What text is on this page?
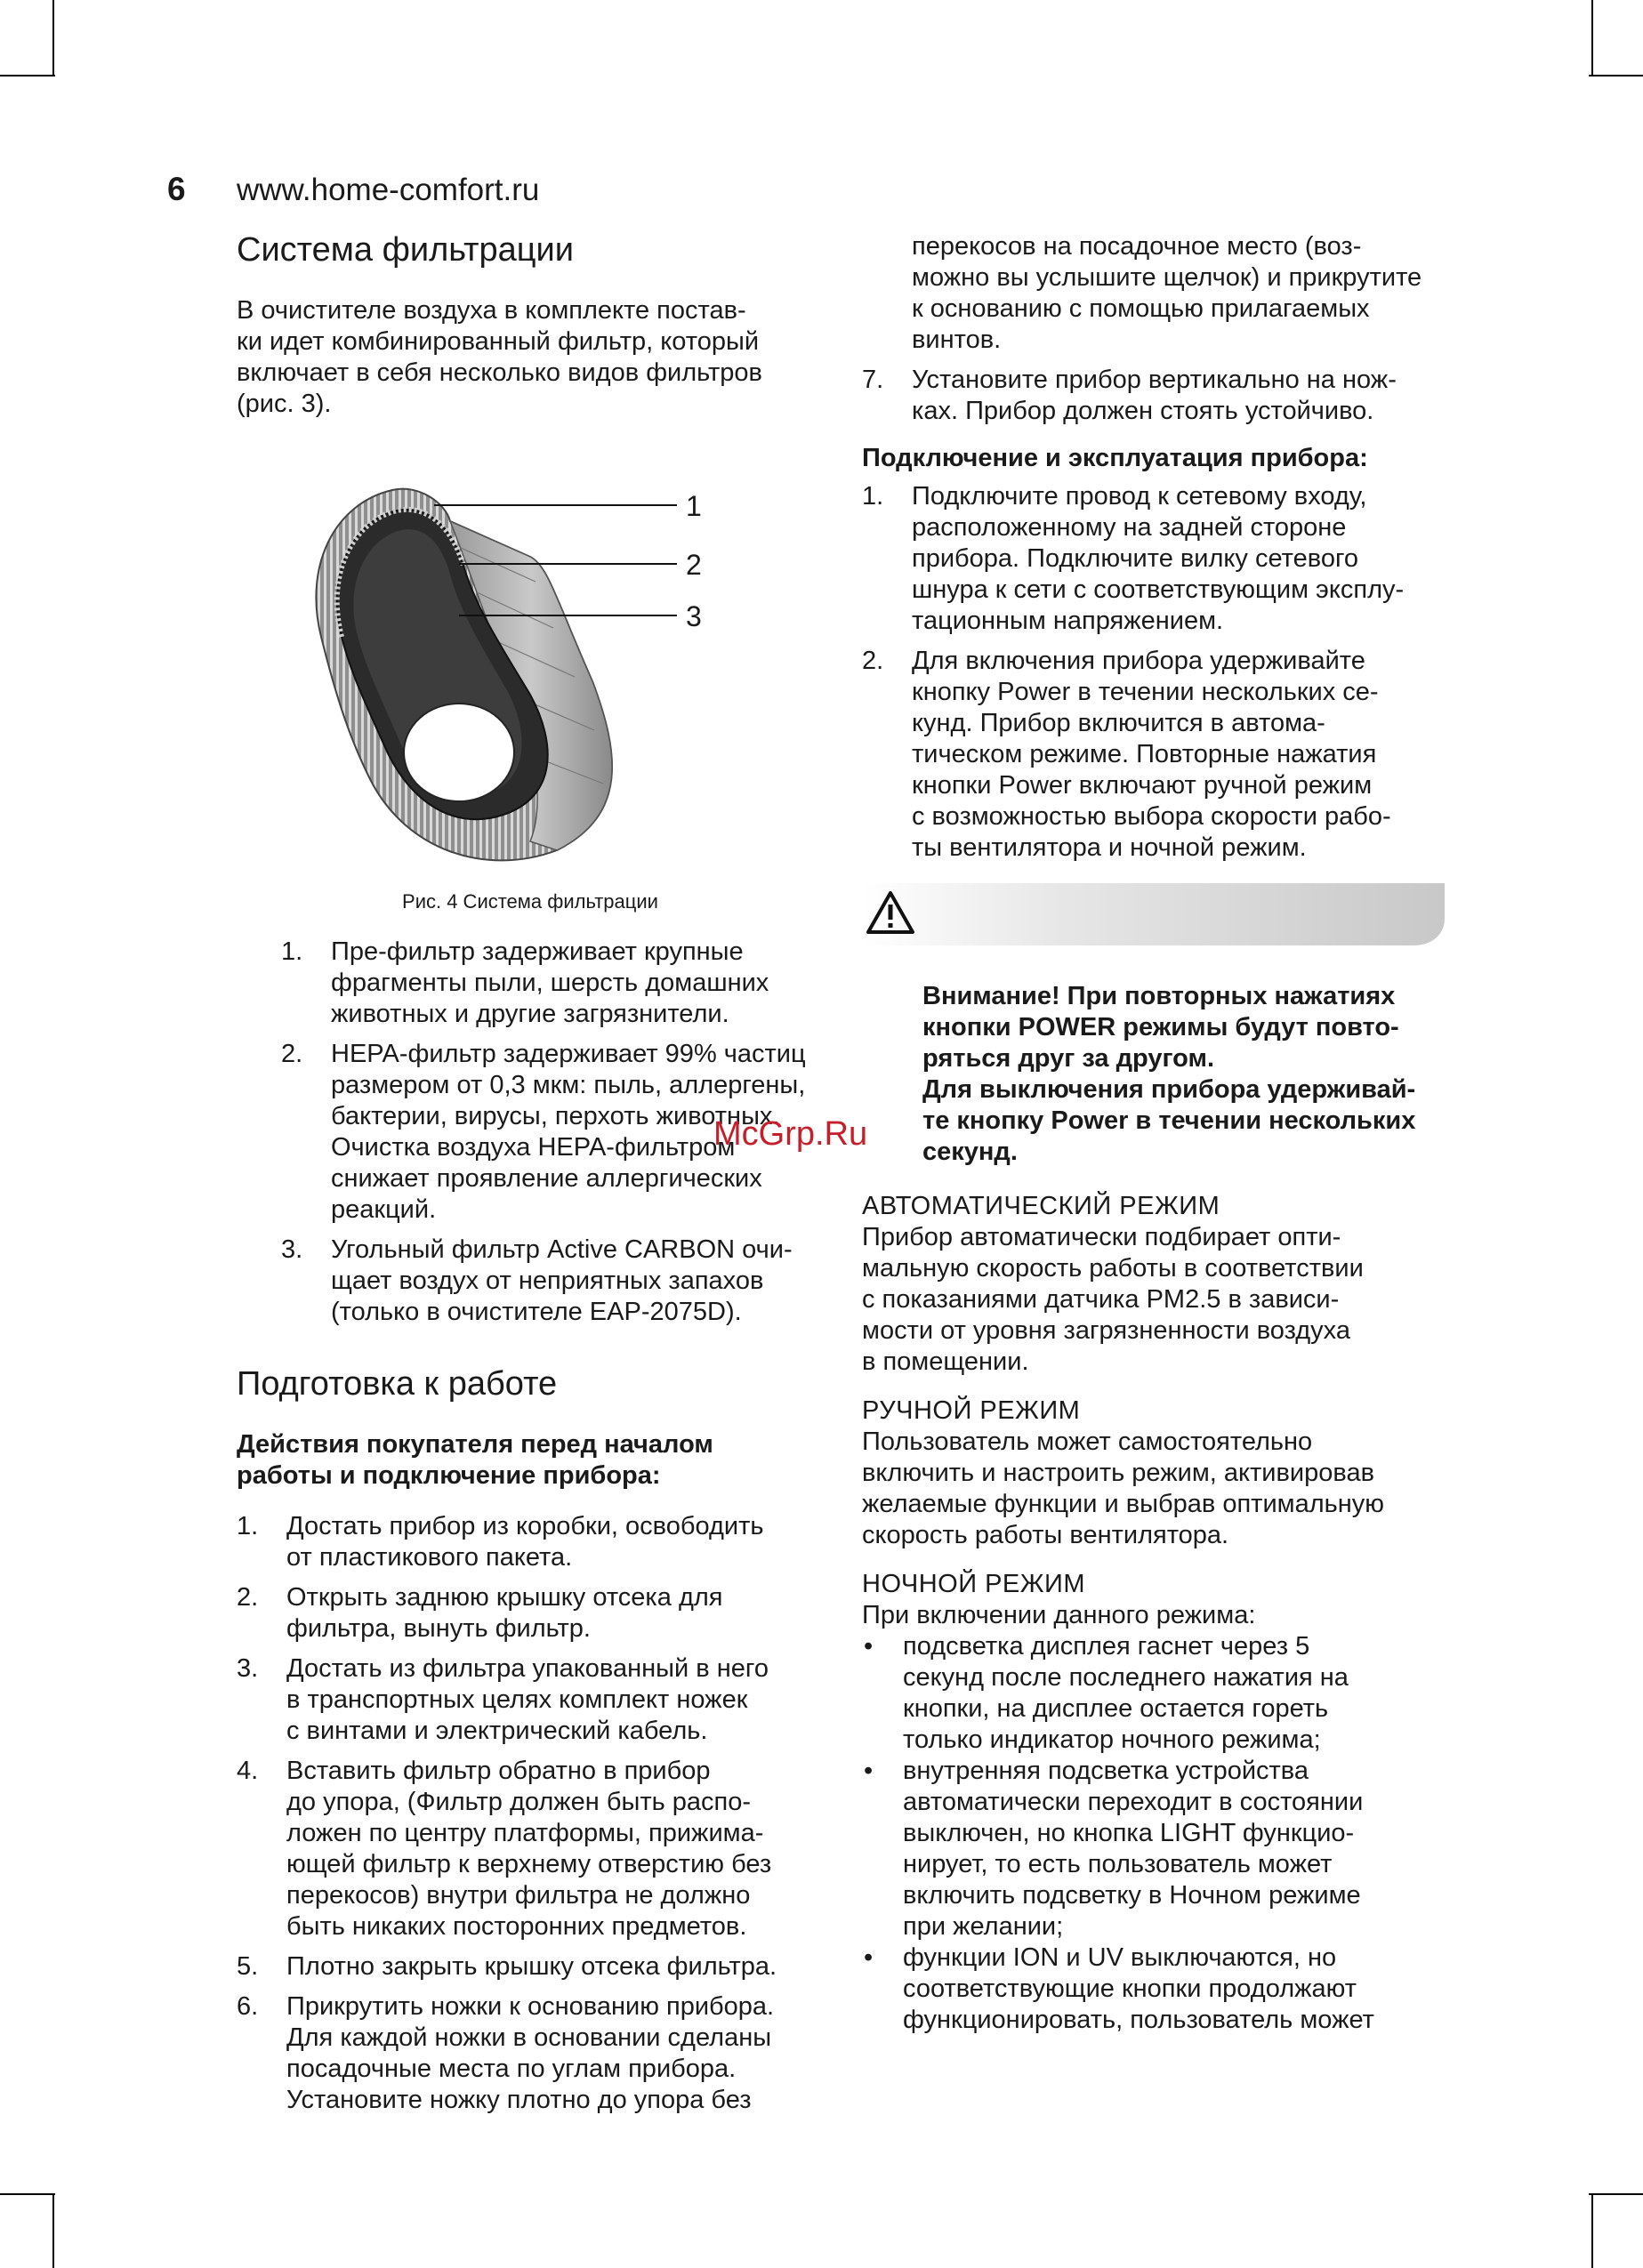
6 www.home-comfort.ru
Система фильтрации

В очистителе воздуха в комплекте постав-
ки идет комбинированный фильтр, который
включает в себя несколько видов фильтров
(рис. 3).

1
2
3
Рис. 4 Система фильтрации
1. Пре-фильтр задерживает крупные
фрагменты пыли, шерсть домашних
животных и другие загрязнители.
2. HEPA-фильтр задерживает 99% частиц
размером от 0,3 мкм: пыль, аллергены,
бактерии, вирусы, перхоть животных.
Очистка воздуха HEPA-фильтром
снижает проявление аллергических
реакций.
3. Угольный фильтр Active CARBON очи-
щает воздух от неприятных запахов
(только в очистителе EAP-2075D).
Подготовка к работе

Действия покупателя перед началом
работы и подключение прибора:

1. Достать прибор из коробки, освободить
от пластикового пакета.
2. Открыть заднюю крышку отсека для
фильтра, вынуть фильтр.
3. Достать из фильтра упакованный в него
в транспортных целях комплект ножек
с винтами и электрический кабель.
4. Вставить фильтр обратно в прибор
до упора, (Фильтр должен быть распо-
ложен по центру платформы, прижима-
ющей фильтр к верхнему отверстию без
перекосов) внутри фильтра не должно
быть никаких посторонних предметов.
5. Плотно закрыть крышку отсека фильтра.
6. Прикрутить ножки к основанию прибора.
Для каждой ножки в основании сделаны
посадочные места по углам прибора.
Установите ножку плотно до упора без

перекосов на посадочное место (воз-
можно вы услышите щелчок) и прикрутите
к основанию с помощью прилагаемых
винтов.

7. Установите прибор вертикально на нож-
ках. Прибор должен стоять устойчиво.

Подключение и эксплуатация прибора:

1. Подключите провод к сетевому входу,
расположенному на задней стороне
прибора. Подключите вилку сетевого
шнура к сети с соответствующим эксплу-
тационным напряжением.
2. Для включения прибора удерживайте
кнопку Power в течении нескольких се-
кунд. Прибор включится в автома-
тическом режиме. Повторные нажатия
кнопки Power включают ручной режим
с возможностью выбора скорости рабо-
ты вентилятора и ночной режим.

Внимание! При повторных нажатиях
кнопки POWER режимы будут повто-
ряться друг за другом.
Для выключения прибора удерживай-
те кнопку Power в течении нескольких
секунд.

АВТОМАТИЧЕСКИЙ РЕЖИМ

Прибор автоматически подбирает опти-
мальную скорость работы в соответствии
с показаниями датчика PM2.5 в зависи-
мости от уровня загрязненности воздуха
в помещении.

РУЧНОЙ РЕЖИМ

Пользователь может самостоятельно
включить и настроить режим, активировав
желаемые функции и выбрав оптимальную
скорость работы вентилятора.

НОЧНОЙ РЕЖИМ

При включении данного режима:

• подсветка дисплея гаснет через 5
секунд после последнего нажатия на
кнопки, на дисплее остается гореть
только индикатор ночного режима;
• внутренняя подсветка устройства
автоматически переходит в состоянии
выключен, но кнопка LIGHT функцио-
нирует, то есть пользователь может
включить подсветку в Ночном режиме
при желании;
• функции ION и UV выключаются, но
соответствующие кнопки продолжают
функционировать, пользователь может
McGrp.Ru
